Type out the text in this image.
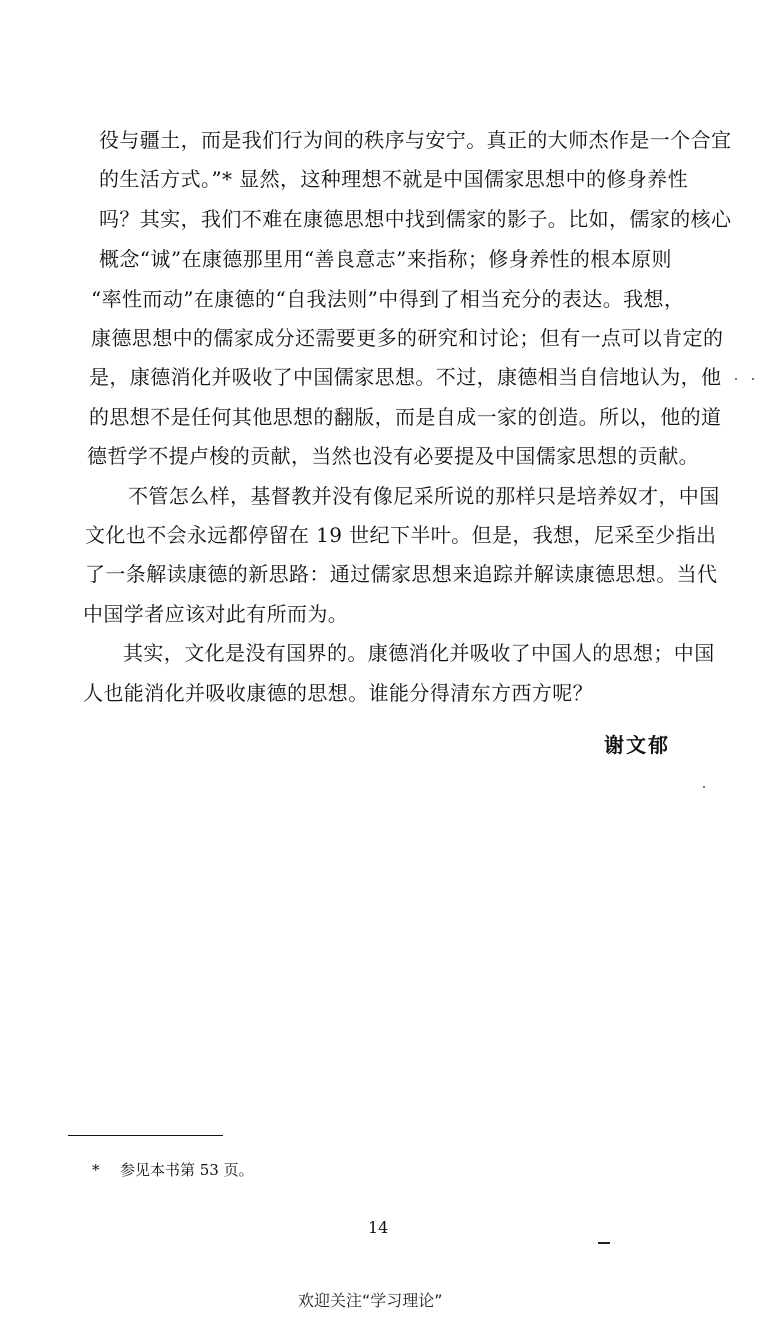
役与疆土，而是我们行为间的秩序与安宁。真正的大师杰作是一个合宜
的生活方式。”* 显然，这种理想不就是中国儒家思想中的修身养性
吗？其实，我们不难在康德思想中找到儒家的影子。比如，儒家的核心
概念“诚”在康德那里用“善良意志”来指称；修身养性的根本原则
“率性而动”在康德的“自我法则”中得到了相当充分的表达。我想，
康德思想中的儒家成分还需要更多的研究和讨论；但有一点可以肯定的
是，康德消化并吸收了中国儒家思想。不过，康德相当自信地认为，他
的思想不是任何其他思想的翻版，而是自成一家的创造。所以，他的道
德哲学不提卢梭的贡献，当然也没有必要提及中国儒家思想的贡献。
不管怎么样，基督教并没有像尼采所说的那样只是培养奴才，中国
文化也不会永远都停留在 19 世纪下半叶。但是，我想，尼采至少指出
了一条解读康德的新思路：通过儒家思想来追踪并解读康德思想。当代
中国学者应该对此有所而为。
其实，文化是没有国界的。康德消化并吸收了中国人的思想；中国
人也能消化并吸收康德的思想。谁能分得清东方西方呢？
谢文郁
* 参见本书第 53 页。
14
欢迎关注“学习理论”
